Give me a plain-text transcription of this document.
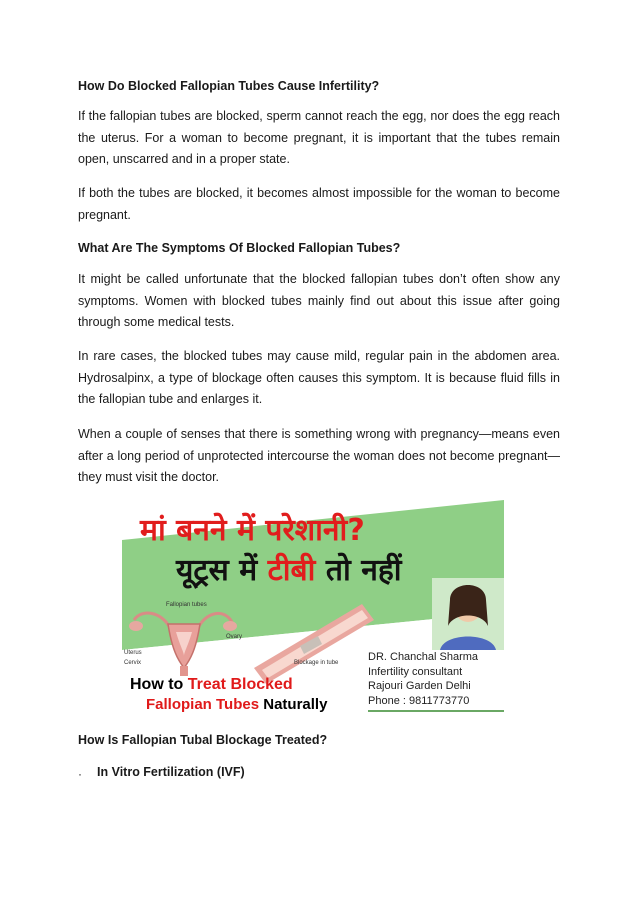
How Do Blocked Fallopian Tubes Cause Infertility?
If the fallopian tubes are blocked, sperm cannot reach the egg, nor does the egg reach the uterus. For a woman to become pregnant, it is important that the tubes remain open, unscarred and in a proper state.
If both the tubes are blocked, it becomes almost impossible for the woman to become pregnant.
What Are The Symptoms Of Blocked Fallopian Tubes?
It might be called unfortunate that the blocked fallopian tubes don’t often show any symptoms. Women with blocked tubes mainly find out about this issue after going through some medical tests.
In rare cases, the blocked tubes may cause mild, regular pain in the abdomen area. Hydrosalpinx, a type of blockage often causes this symptom. It is because fluid fills in the fallopian tube and enlarges it.
When a couple of senses that there is something wrong with pregnancy—means even after a long period of unprotected intercourse the woman does not become pregnant—they must visit the doctor.
How Is Fallopian Tubal Blockage Treated?
· In Vitro Fertilization (IVF)
मां बनने में परेशानी?
यूट्रस में टीबी तो नहीं
Fallopian tubes
Ovary
Uterus
Cervix	Blockage in tube
How to Treat Blocked
Fallopian Tubes Naturally
DR. Chanchal Sharma
Infertility consultant
Rajouri Garden Delhi
Phone : 9811773770
